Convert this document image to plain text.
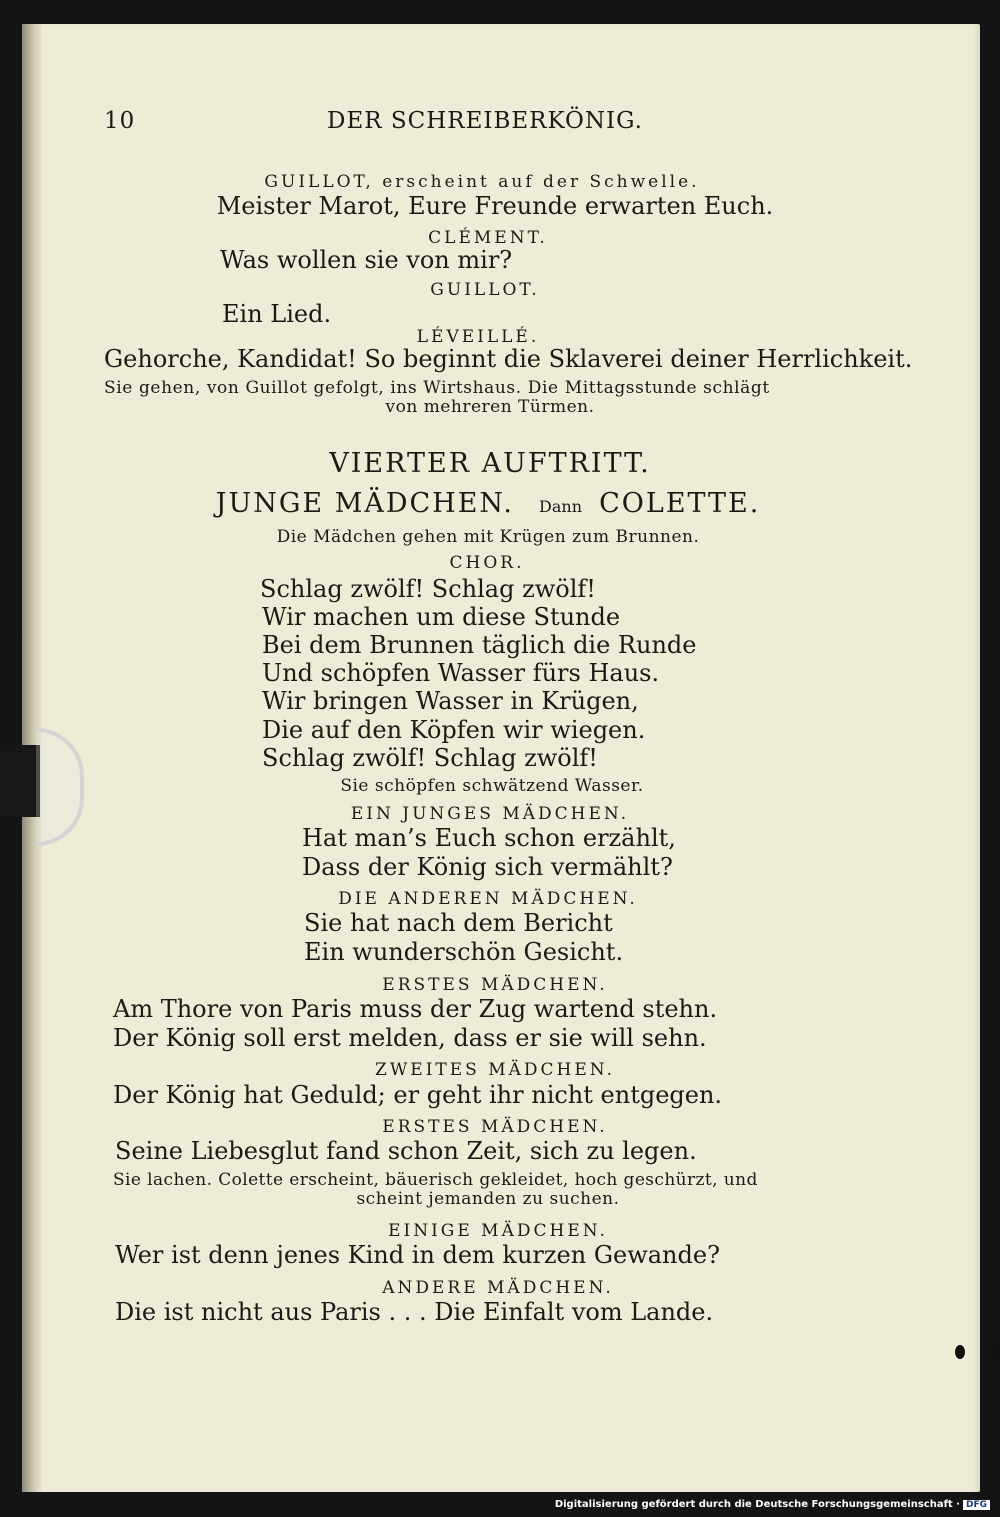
10	DER SCHREIBERKÖNIG.
GUILLOT, erscheint auf der Schwelle.
Meister Marot, Eure Freunde erwarten Euch.
CLÉMENT.
Was wollen sie von mir?
GUILLOT.
Ein Lied.
LÉVEILLÉ.
Gehorche, Kandidat! So beginnt die Sklaverei deiner Herrlichkeit.
Sie gehen, von Guillot gefolgt, ins Wirtshaus. Die Mittagsstunde schlägt
von mehreren Türmen.
VIERTER AUFTRITT.
JUNGE MÄDCHEN. Dann COLETTE.
Die Mädchen gehen mit Krügen zum Brunnen.
CHOR.
Schlag zwölf! Schlag zwölf!
Wir machen um diese Stunde
Bei dem Brunnen täglich die Runde
Und schöpfen Wasser fürs Haus.
Wir bringen Wasser in Krügen,
Die auf den Köpfen wir wiegen.
Schlag zwölf! Schlag zwölf!
Sie schöpfen schwätzend Wasser.
EIN JUNGES MÄDCHEN.
Hat man’s Euch schon erzählt,
Dass der König sich vermählt?
DIE ANDEREN MÄDCHEN.
Sie hat nach dem Bericht
Ein wunderschön Gesicht.
ERSTES MÄDCHEN.
Am Thore von Paris muss der Zug wartend stehn.
Der König soll erst melden, dass er sie will sehn.
ZWEITES MÄDCHEN.
Der König hat Geduld; er geht ihr nicht entgegen.
ERSTES MÄDCHEN.
Seine Liebesglut fand schon Zeit, sich zu legen.
Sie lachen. Colette erscheint, bäuerisch gekleidet, hoch geschürzt, und
scheint jemanden zu suchen.
EINIGE MÄDCHEN.
Wer ist denn jenes Kind in dem kurzen Gewande?
ANDERE MÄDCHEN.
Die ist nicht aus Paris . . . Die Einfalt vom Lande.
Digitalisierung gefördert durch die Deutsche Forschungsgemeinschaft · DFG
